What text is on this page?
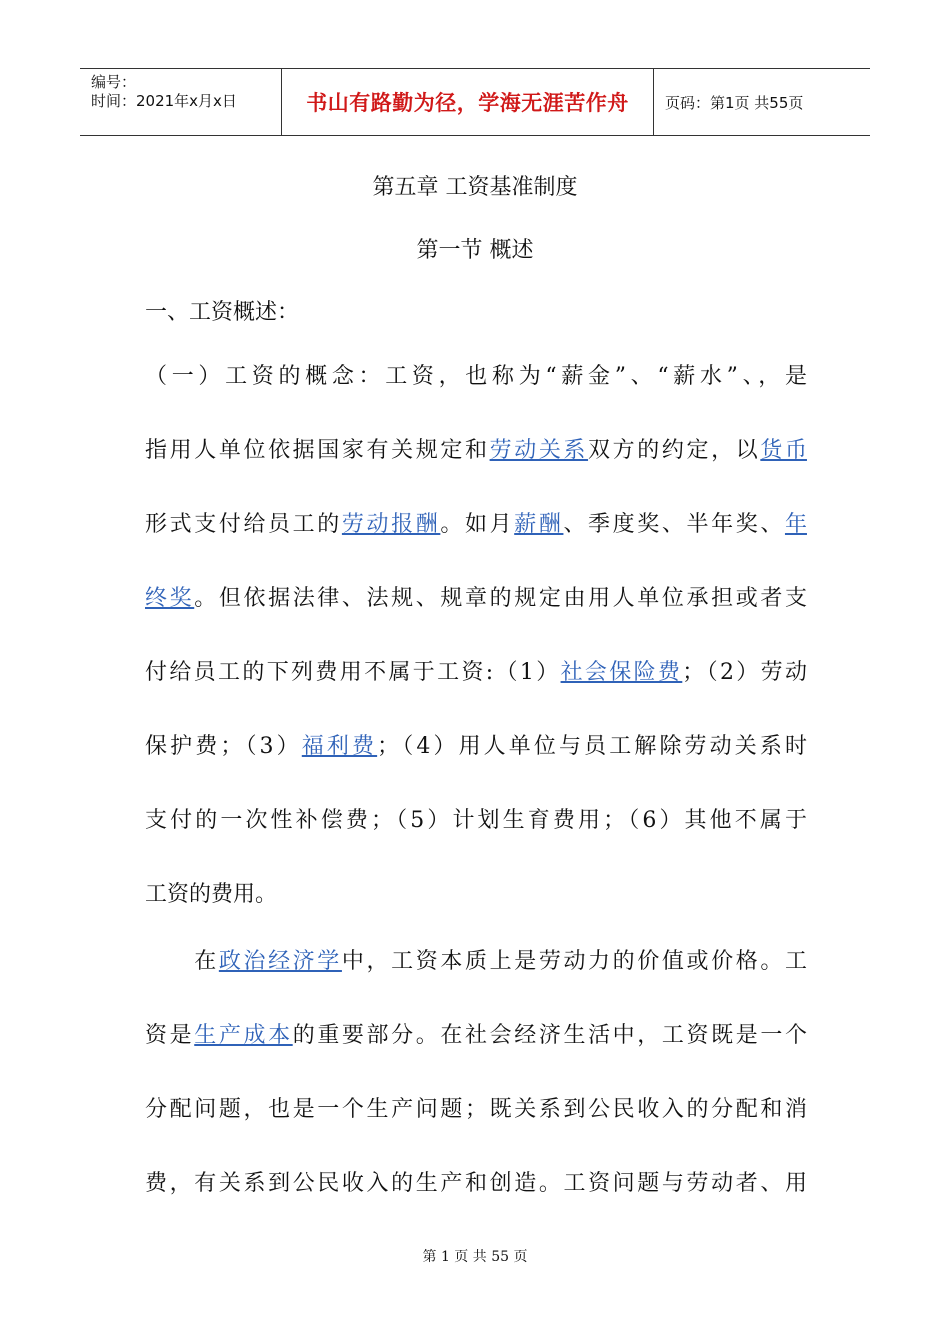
编号：
时间：2021年x月x日	书山有路勤为径，学海无涯苦作舟 页码：第1页 共55页
第五章 工资基准制度
第一节 概述
一、工资概述：
（一）工资的概念：工资，也称为“薪金”、“薪水”、，是
指用人单位依据国家有关规定和劳动关系双方的约定，以货币
形式支付给员工的劳动报酬。如月薪酬、季度奖、半年奖、年
终奖。但依据法律、法规、规章的规定由用人单位承担或者支
付给员工的下列费用不属于工资:（1）社会保险费；（2）劳动
保护费；（3）福利费；（4）用人单位与员工解除劳动关系时
支付的一次性补偿费；（5）计划生育费用；（6）其他不属于
工资的费用。
　　在政治经济学中，工资本质上是劳动力的价值或价格。工
资是生产成本的重要部分。在社会经济生活中，工资既是一个
分配问题，也是一个生产问题；既关系到公民收入的分配和消
费，有关系到公民收入的生产和创造。工资问题与劳动者、用
第 1 页 共 55 页
